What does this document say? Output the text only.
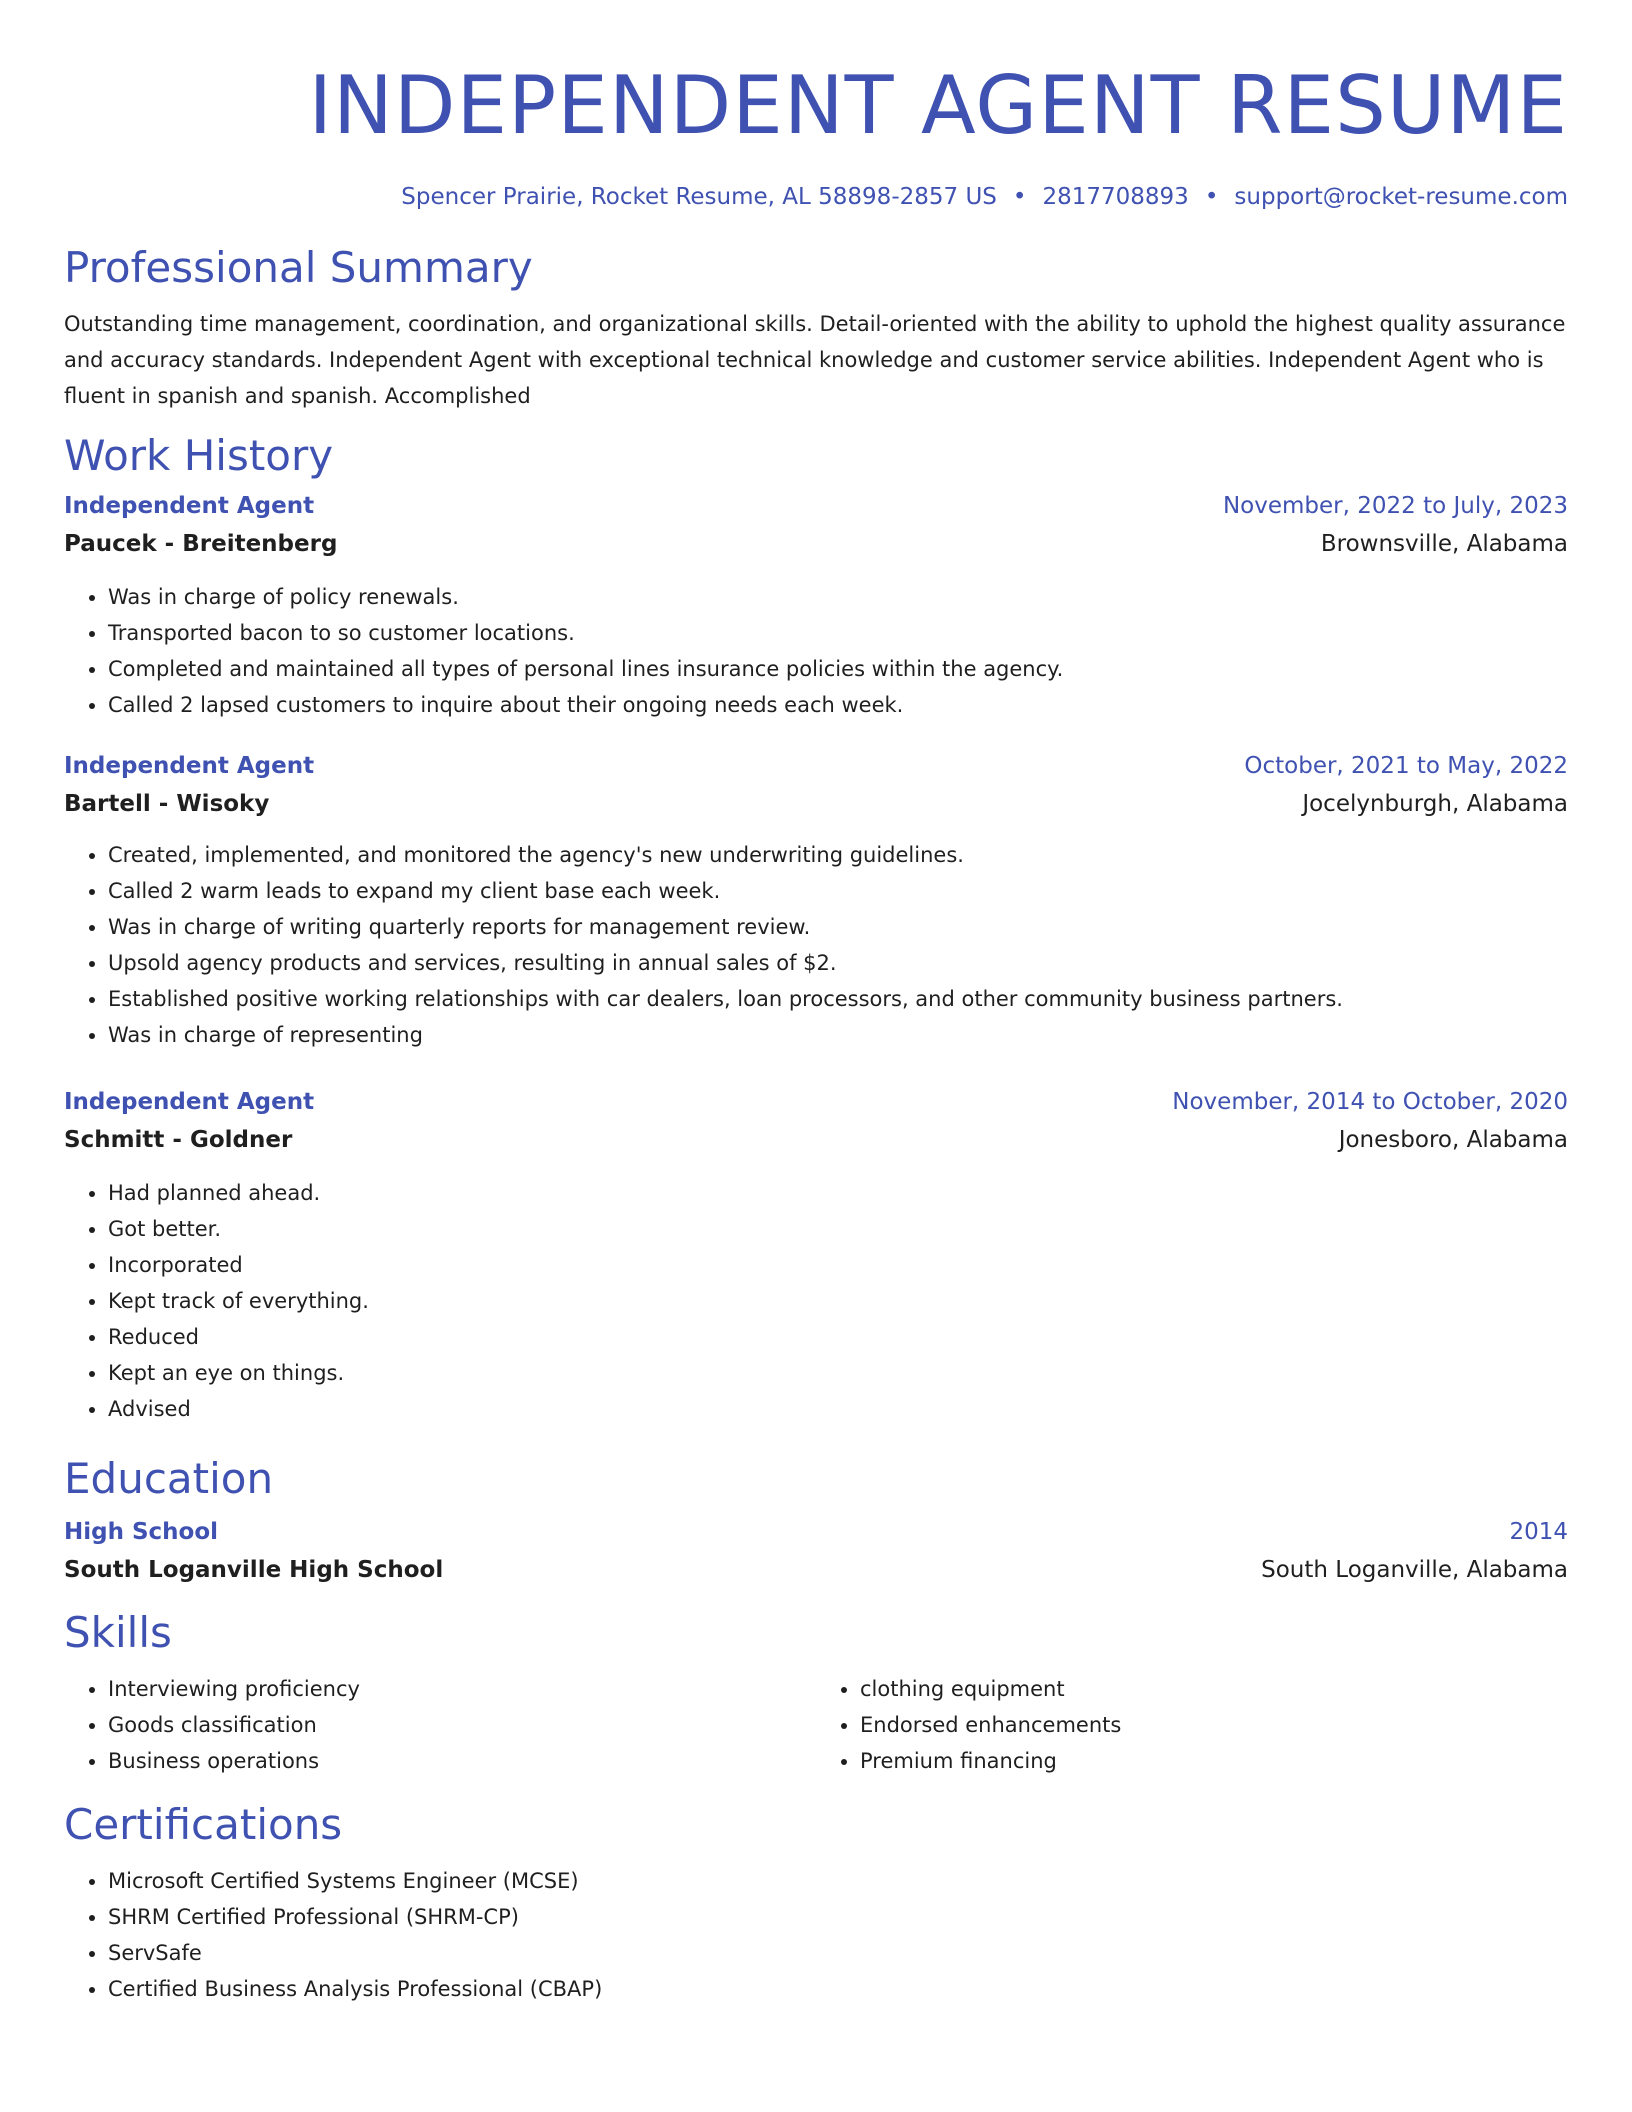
INDEPENDENT AGENT RESUME
Spencer Prairie, Rocket Resume, AL 58898-2857 US • 2817708893 • support@rocket-resume.com
Professional Summary

Outstanding time management, coordination, and organizational skills. Detail-oriented with the ability to uphold the highest quality assurance and accuracy standards. Independent Agent with exceptional technical knowledge and customer service abilities. Independent Agent who is fluent in spanish and spanish. Accomplished

Work History
Independent Agent	November, 2022 to July, 2023
Paucek - Breitenberg	Brownsville, Alabama
• Was in charge of policy renewals.
• Transported bacon to so customer locations.
• Completed and maintained all types of personal lines insurance policies within the agency.
• Called 2 lapsed customers to inquire about their ongoing needs each week.
Independent Agent	October, 2021 to May, 2022
Bartell - Wisoky	Jocelynburgh, Alabama
• Created, implemented, and monitored the agency's new underwriting guidelines.
• Called 2 warm leads to expand my client base each week.
• Was in charge of writing quarterly reports for management review.
• Upsold agency products and services, resulting in annual sales of $2.
• Established positive working relationships with car dealers, loan processors, and other community business partners.
• Was in charge of representing
Independent Agent	November, 2014 to October, 2020
Schmitt - Goldner	Jonesboro, Alabama
• Had planned ahead.
• Got better.
• Incorporated
• Kept track of everything.
• Reduced
• Kept an eye on things.
• Advised
Education
High School	2014
South Loganville High School	South Loganville, Alabama
Skills
• Interviewing proficiency
• Goods classification
• Business operations
• clothing equipment
• Endorsed enhancements
• Premium financing
Certifications
• Microsoft Certified Systems Engineer (MCSE)
• SHRM Certified Professional (SHRM-CP)
• ServSafe
• Certified Business Analysis Professional (CBAP)
